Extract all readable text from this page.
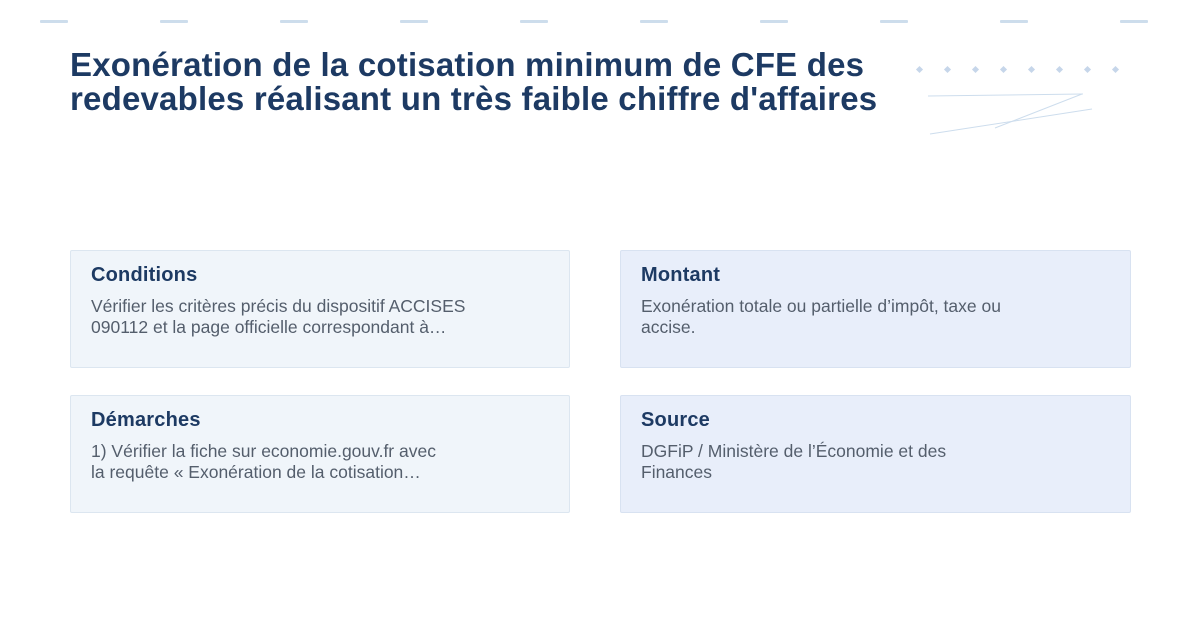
Exonération de la cotisation minimum de CFE des
redevables réalisant un très faible chiffre d'affaires
Conditions

Vérifier les critères précis du dispositif ACCISES
090112 et la page officielle correspondant à…

Montant

Exonération totale ou partielle d’impôt, taxe ou
accise.

Démarches

1) Vérifier la fiche sur economie.gouv.fr avec
la requête « Exonération de la cotisation…

Source

DGFiP / Ministère de l’Économie et des
Finances
